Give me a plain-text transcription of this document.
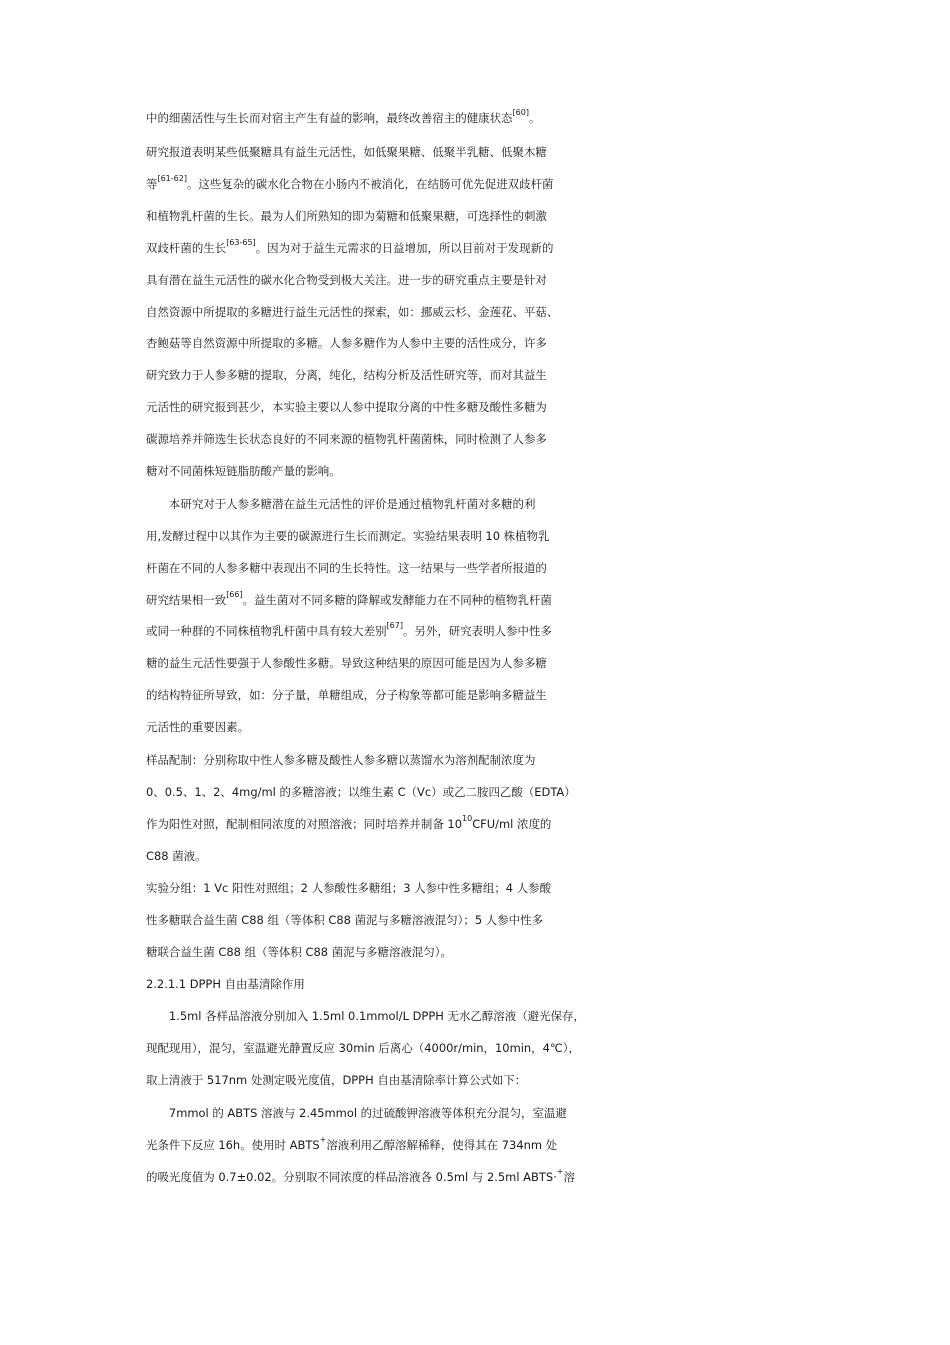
中的细菌活性与生长而对宿主产生有益的影响，最终改善宿主的健康状态[60]。
研究报道表明某些低聚糖具有益生元活性，如低聚果糖、低聚半乳糖、低聚木糖
等[61-62]。这些复杂的碳水化合物在小肠内不被消化，在结肠可优先促进双歧杆菌
和植物乳杆菌的生长。最为人们所熟知的即为菊糖和低聚果糖，可选择性的刺激
双歧杆菌的生长[63-65]。因为对于益生元需求的日益增加，所以目前对于发现新的
具有潜在益生元活性的碳水化合物受到极大关注。进一步的研究重点主要是针对
自然资源中所提取的多糖进行益生元活性的探索，如：挪威云杉、金莲花、平菇、
杏鲍菇等自然资源中所提取的多糖。人参多糖作为人参中主要的活性成分，许多
研究致力于人参多糖的提取，分离，纯化，结构分析及活性研究等，而对其益生
元活性的研究报到甚少，本实验主要以人参中提取分离的中性多糖及酸性多糖为
碳源培养并筛选生长状态良好的不同来源的植物乳杆菌菌株，同时检测了人参多
糖对不同菌株短链脂肪酸产量的影响。
　　本研究对于人参多糖潜在益生元活性的评价是通过植物乳杆菌对多糖的利
用,发酵过程中以其作为主要的碳源进行生长而测定。实验结果表明 10 株植物乳
杆菌在不同的人参多糖中表现出不同的生长特性。这一结果与一些学者所报道的
研究结果相一致[66]。益生菌对不同多糖的降解或发酵能力在不同种的植物乳杆菌
或同一种群的不同株植物乳杆菌中具有较大差别[67]。另外，研究表明人参中性多
糖的益生元活性要强于人参酸性多糖。导致这种结果的原因可能是因为人参多糖
的结构特征所导致，如：分子量，单糖组成，分子构象等都可能是影响多糖益生
元活性的重要因素。
样品配制：分别称取中性人参多糖及酸性人参多糖以蒸馏水为溶剂配制浓度为
0、0.5、1、2、4mg/ml 的多糖溶液；以维生素 C（Vc）或乙二胺四乙酸（EDTA）
作为阳性对照，配制相同浓度的对照溶液；同时培养并制备 $10^{10}CFU/ml$ 浓度的
C88 菌液。
实验分组：1 Vc 阳性对照组；2 人参酸性多糖组；3 人参中性多糖组；4 人参酸
性多糖联合益生菌 C88 组（等体积 C88 菌泥与多糖溶液混匀）；5 人参中性多
糖联合益生菌 C88 组（等体积 C88 菌泥与多糖溶液混匀）。
2.2.1.1 DPPH 自由基清除作用
　　1.5ml 各样品溶液分别加入 1.5ml 0.1mmol/L DPPH 无水乙醇溶液（避光保存，
现配现用），混匀，室温避光静置反应 30min 后离心（4000r/min，10min，4℃），
取上清液于 517nm 处测定吸光度值，DPPH 自由基清除率计算公式如下：
　　7mmol 的 ABTS 溶液与 2.45mmol 的过硫酸钾溶液等体积充分混匀，室温避
光条件下反应 16h。使用时 ABTS+溶液利用乙醇溶解稀释，使得其在 734nm 处
的吸光度值为 0.7±0.02。分别取不同浓度的样品溶液各 0.5ml 与 2.5ml ABTS·+溶
